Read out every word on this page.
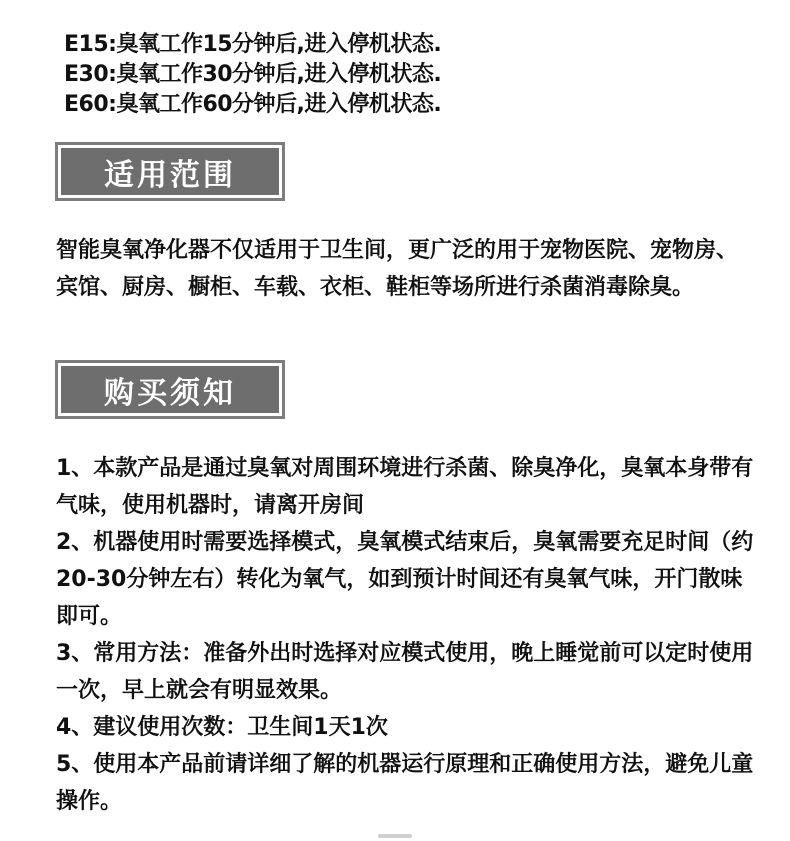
E15:臭氧工作15分钟后,进入停机状态.
E30:臭氧工作30分钟后,进入停机状态.
E60:臭氧工作60分钟后,进入停机状态.
适用范围

智能臭氧净化器不仅适用于卫生间，更广泛的用于宠物医院、宠物房、宾馆、厨房、橱柜、车载、衣柜、鞋柜等场所进行杀菌消毒除臭。

购买须知
1、本款产品是通过臭氧对周围环境进行杀菌、除臭净化，臭氧本身带有气味，使用机器时，请离开房间
2、机器使用时需要选择模式，臭氧模式结束后，臭氧需要充足时间（约20-30分钟左右）转化为氧气，如到预计时间还有臭氧气味，开门散味即可。
3、常用方法：准备外出时选择对应模式使用，晚上睡觉前可以定时使用一次，早上就会有明显效果。
4、建议使用次数：卫生间1天1次
5、使用本产品前请详细了解的机器运行原理和正确使用方法，避免儿童操作。
